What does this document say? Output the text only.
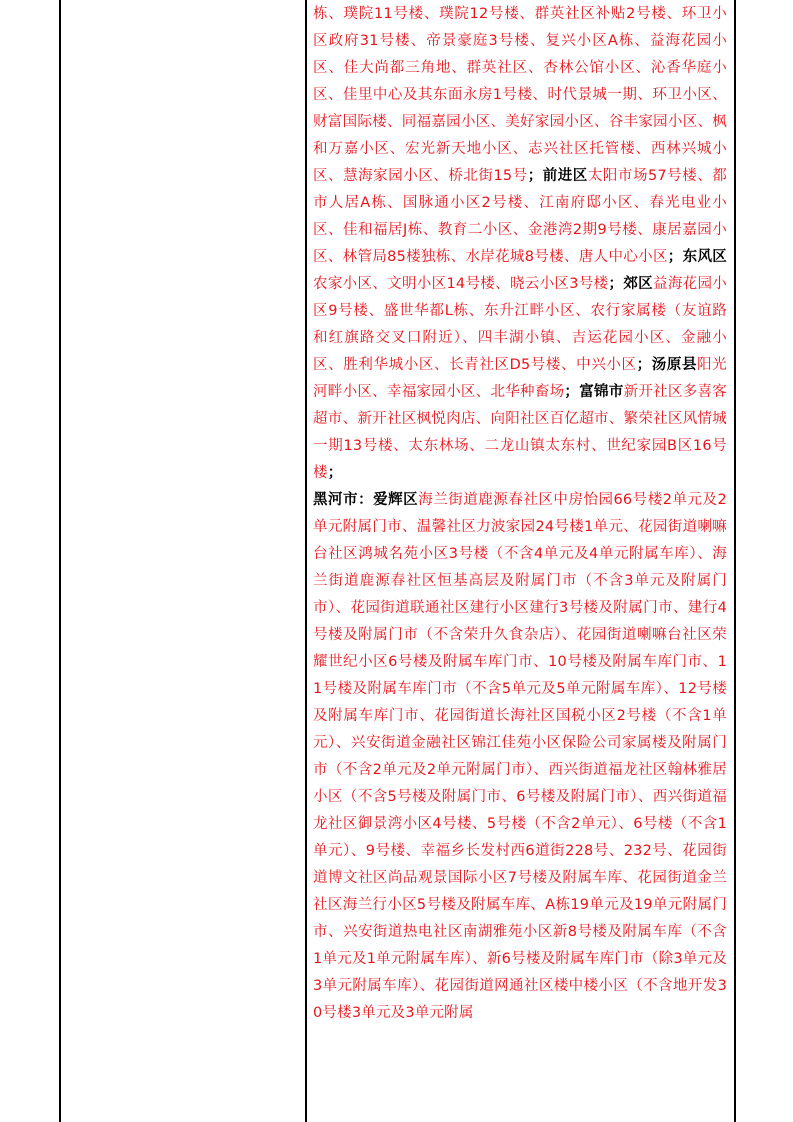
栋、璞院11号楼、璞院12号楼、群英社区补贴2号楼、环卫小区政府31号楼、帝景豪庭3号楼、复兴小区A栋、益海花园小区、佳大尚都三角地、群英社区、杏林公馆小区、沁香华庭小区、佳里中心及其东面永房1号楼、时代景城一期、环卫小区、财富国际楼、同福嘉园小区、美好家园小区、谷丰家园小区、枫和万嘉小区、宏光新天地小区、志兴社区托管楼、西林兴城小区、慧海家园小区、桥北街15号；前进区太阳市场57号楼、都市人居A栋、国脉通小区2号楼、江南府邸小区、春光电业小区、佳和福居J栋、教育二小区、金港湾2期9号楼、康居嘉园小区、林管局85楼独栋、水岸花城8号楼、唐人中心小区；东风区农家小区、文明小区14号楼、晓云小区3号楼；郊区益海花园小区9号楼、盛世华都L栋、东升江畔小区、农行家属楼（友谊路和红旗路交叉口附近）、四丰湖小镇、吉运花园小区、金融小区、胜利华城小区、长青社区D5号楼、中兴小区；汤原县阳光河畔小区、幸福家园小区、北华种畜场；富锦市新开社区多喜客超市、新开社区枫悦肉店、向阳社区百亿超市、繁荣社区风情城一期13号楼、太东林场、二龙山镇太东村、世纪家园B区16号楼；

黑河市：爱辉区海兰街道鹿源春社区中房怡园66号楼2单元及2单元附属门市、温馨社区力波家园24号楼1单元、花园街道喇嘛台社区鸿城名苑小区3号楼（不含4单元及4单元附属车库）、海兰街道鹿源春社区恒基高层及附属门市（不含3单元及附属门市）、花园街道联通社区建行小区建行3号楼及附属门市、建行4号楼及附属门市（不含荣升久食杂店）、花园街道喇嘛台社区荣耀世纪小区6号楼及附属车库门市、10号楼及附属车库门市、11号楼及附属车库门市（不含5单元及5单元附属车库）、12号楼及附属车库门市、花园街道长海社区国税小区2号楼（不含1单元）、兴安街道金融社区锦江佳苑小区保险公司家属楼及附属门市（不含2单元及2单元附属门市）、西兴街道福龙社区翰林雅居小区（不含5号楼及附属门市、6号楼及附属门市）、西兴街道福龙社区御景湾小区4号楼、5号楼（不含2单元）、6号楼（不含1单元）、9号楼、幸福乡长发村西6道街228号、232号、花园街道博文社区尚品观景国际小区7号楼及附属车库、花园街道金兰社区海兰行小区5号楼及附属车库、A栋19单元及19单元附属门市、兴安街道热电社区南湖雅苑小区新8号楼及附属车库（不含1单元及1单元附属车库）、新6号楼及附属车库门市（除3单元及3单元附属车库）、花园街道网通社区楼中楼小区（不含地开发30号楼3单元及3单元附属
